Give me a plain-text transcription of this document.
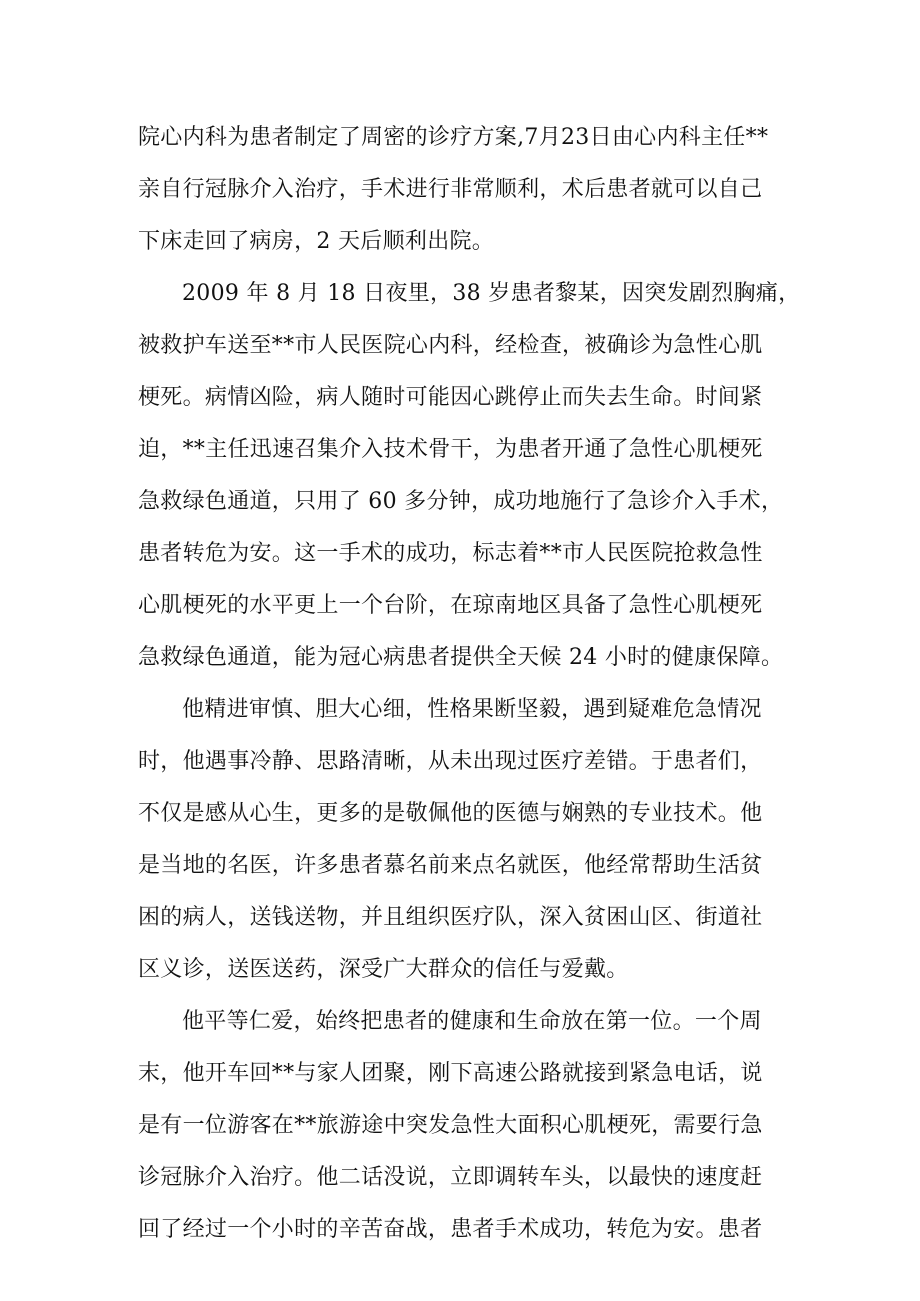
院心内科为患者制定了周密的诊疗方案,7月23日由心内科主任**
亲自行冠脉介入治疗，手术进行非常顺利，术后患者就可以自己
下床走回了病房，2 天后顺利出院。
2009 年 8 月 18 日夜里，38 岁患者黎某，因突发剧烈胸痛，
被救护车送至**市人民医院心内科，经检查，被确诊为急性心肌
梗死。病情凶险，病人随时可能因心跳停止而失去生命。时间紧
迫，**主任迅速召集介入技术骨干，为患者开通了急性心肌梗死
急救绿色通道，只用了 60 多分钟，成功地施行了急诊介入手术，
患者转危为安。这一手术的成功，标志着**市人民医院抢救急性
心肌梗死的水平更上一个台阶，在琼南地区具备了急性心肌梗死
急救绿色通道，能为冠心病患者提供全天候 24 小时的健康保障。
他精进审慎、胆大心细，性格果断坚毅，遇到疑难危急情况
时，他遇事冷静、思路清晰，从未出现过医疗差错。于患者们，
不仅是感从心生，更多的是敬佩他的医德与娴熟的专业技术。他
是当地的名医，许多患者慕名前来点名就医，他经常帮助生活贫
困的病人，送钱送物，并且组织医疗队，深入贫困山区、街道社
区义诊，送医送药，深受广大群众的信任与爱戴。
他平等仁爱，始终把患者的健康和生命放在第一位。一个周
末，他开车回**与家人团聚，刚下高速公路就接到紧急电话，说
是有一位游客在**旅游途中突发急性大面积心肌梗死，需要行急
诊冠脉介入治疗。他二话没说，立即调转车头，以最快的速度赶
回了经过一个小时的辛苦奋战，患者手术成功，转危为安。患者
